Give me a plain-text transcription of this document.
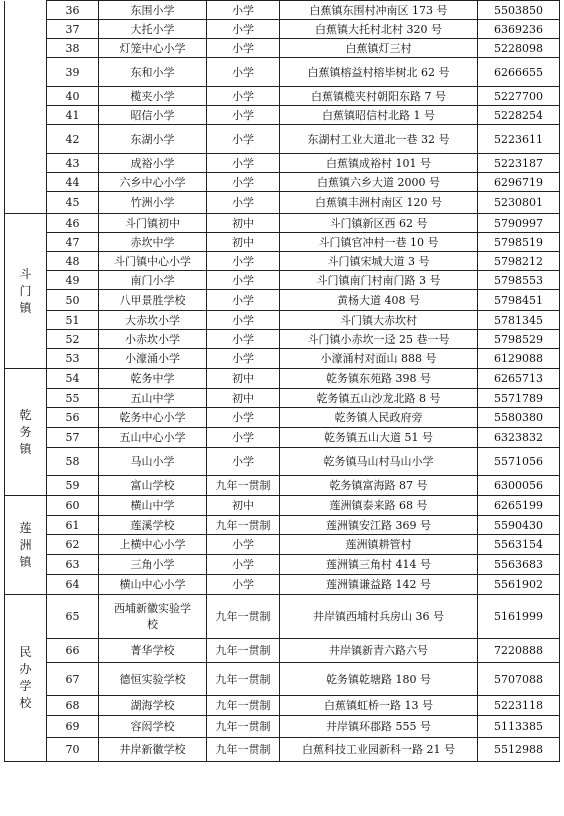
	36	东围小学	小学	白蕉镇东围村冲南区 173 号	5503850
	37	大托小学	小学	白蕉镇大托村北村 320 号	6369236
	38	灯笼中心小学	小学	白蕉镇灯三村	5228098
	39	东和小学	小学	白蕉镇榕益村榕毕树北 62 号	6266655
	40	榄夹小学	小学	白蕉镇榄夹村朝阳东路 7 号	5227700
	41	昭信小学	小学	白蕉镇昭信村北路 1 号	5228254
	42	东湖小学	小学	东湖村工业大道北一巷 32 号	5223611
	43	成裕小学	小学	白蕉镇成裕村 101 号	5223187
	44	六乡中心小学	小学	白蕉镇六乡大道 2000 号	6296719
	45	竹洲小学	小学	白蕉镇丰洲村南区 120 号	5230801
斗门镇	46	斗门镇初中	初中	斗门镇新区西 62 号	5790997
	47	赤坎中学	初中	斗门镇官冲村一巷 10 号	5798519
	48	斗门镇中心小学	小学	斗门镇宋城大道 3 号	5798212
	49	南门小学	小学	斗门镇南门村南门路 3 号	5798553
	50	八甲景胜学校	小学	黄杨大道 408 号	5798451
	51	大赤坎小学	小学	斗门镇大赤坎村	5781345
	52	小赤坎小学	小学	斗门镇小赤坎一迳 25 巷一号	5798529
	53	小濠涌小学	小学	小濠涌村对面山 888 号	6129088
乾务镇	54	乾务中学	初中	乾务镇东苑路 398 号	6265713
	55	五山中学	初中	乾务镇五山沙龙北路 8 号	5571789
	56	乾务中心小学	小学	乾务镇人民政府旁	5580380
	57	五山中心小学	小学	乾务镇五山大道 51 号	6323832
	58	马山小学	小学	乾务镇马山村马山小学	5571056
	59	富山学校	九年一贯制	乾务镇富海路 87 号	6300056
莲洲镇	60	横山中学	初中	莲洲镇泰来路 68 号	6265199
	61	莲溪学校	九年一贯制	莲洲镇安江路 369 号	5590430
	62	上横中心小学	小学	莲洲镇耕管村	5563154
	63	三角小学	小学	莲洲镇三角村 414 号	5563683
	64	横山中心小学	小学	莲洲镇谦益路 142 号	5561902
民办学校	65	西埔新徽实验学校	九年一贯制	井岸镇西埔村兵房山 36 号	5161999
	66	菁华学校	九年一贯制	井岸镇新青六路六号	7220888
	67	德恒实验学校	九年一贯制	乾务镇乾塘路 180 号	5707088
	68	湖海学校	九年一贯制	白蕉镇虹桥一路 13 号	5223118
	69	容闳学校	九年一贯制	井岸镇环郡路 555 号	5113385
	70	井岸新徽学校	九年一贯制	白蕉科技工业园新科一路 21 号	5512988
